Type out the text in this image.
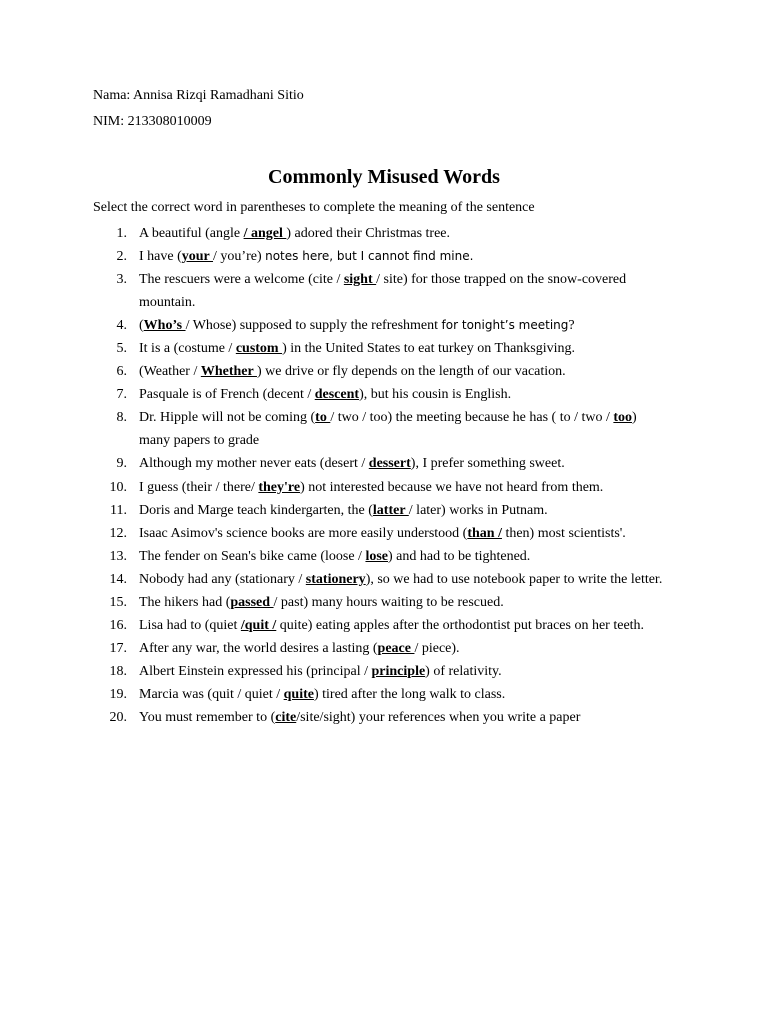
Nama: Annisa Rizqi Ramadhani Sitio
NIM: 213308010009
Commonly Misused Words
Select the correct word in parentheses to complete the meaning of the sentence
1. A beautiful (angle / angel ) adored their Christmas tree.
2. I have (your / you’re) notes here, but I cannot find mine.
3. The rescuers were a welcome (cite / sight / site) for those trapped on the snow-covered
mountain.
4. (Who’s / Whose) supposed to supply the refreshment for tonight’s meeting?
5. It is a (costume / custom ) in the United States to eat turkey on Thanksgiving.
6. (Weather / Whether ) we drive or fly depends on the length of our vacation.
7. Pasquale is of French (decent / descent), but his cousin is English.
8. Dr. Hipple will not be coming (to / two / too) the meeting because he has ( to / two / too)
many papers to grade
9. Although my mother never eats (desert / dessert), I prefer something sweet.
10. I guess (their / there/ they're) not interested because we have not heard from them.
11. Doris and Marge teach kindergarten, the (latter / later) works in Putnam.
12. Isaac Asimov's science books are more easily understood (than / then) most scientists'.
13. The fender on Sean's bike came (loose / lose) and had to be tightened.
14. Nobody had any (stationary / stationery), so we had to use notebook paper to write the letter.
15. The hikers had (passed / past) many hours waiting to be rescued.
16. Lisa had to (quiet /quit / quite) eating apples after the orthodontist put braces on her teeth.
17. After any war, the world desires a lasting (peace / piece).
18. Albert Einstein expressed his (principal / principle) of relativity.
19. Marcia was (quit / quiet / quite) tired after the long walk to class.
20. You must remember to (cite/site/sight) your references when you write a paper
